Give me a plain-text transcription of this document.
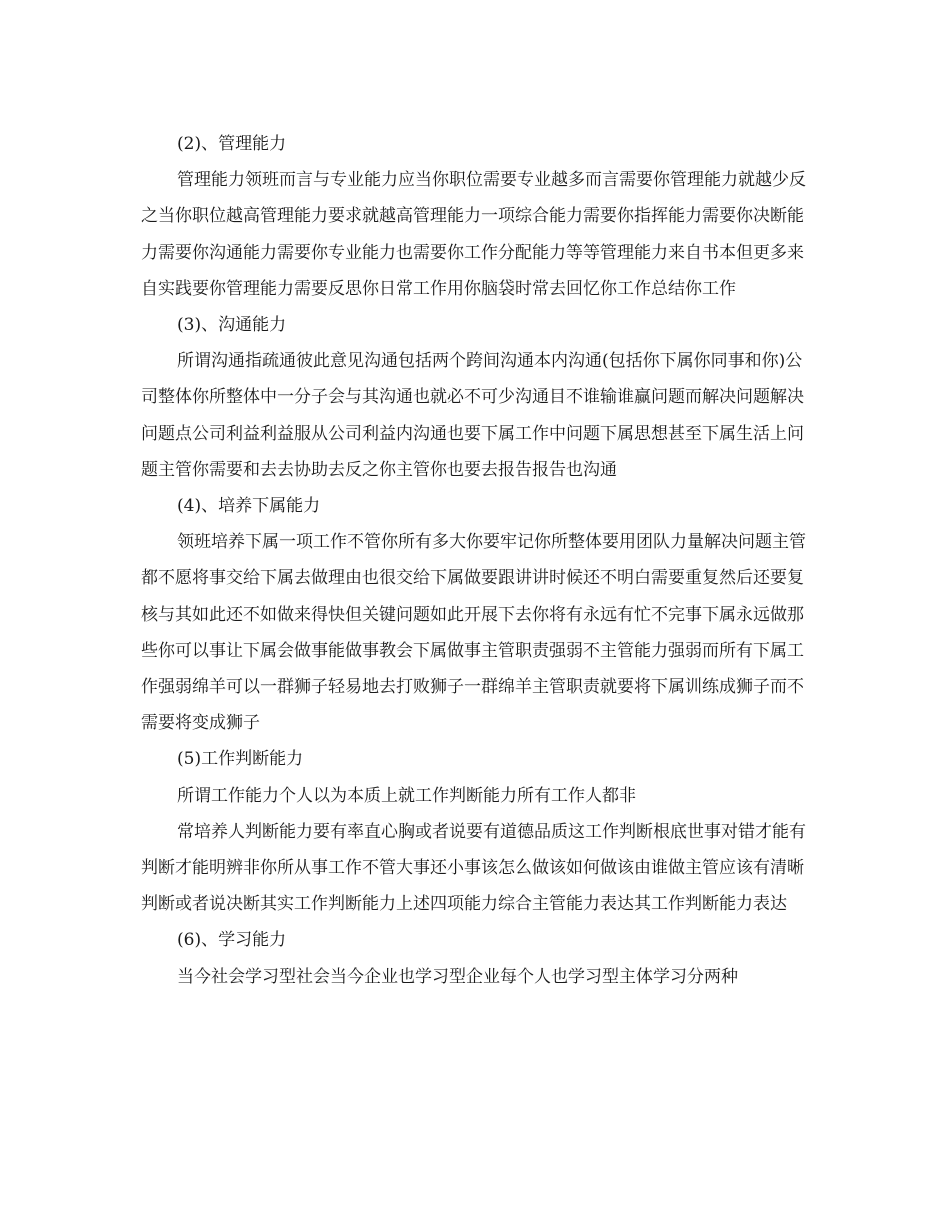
(2)、管理能力

管理能力领班而言与专业能力应当你职位需要专业越多而言需要你管理能力就越少反之当你职位越高管理能力要求就越高管理能力一项综合能力需要你指挥能力需要你决断能力需要你沟通能力需要你专业能力也需要你工作分配能力等等管理能力来自书本但更多来自实践要你管理能力需要反思你日常工作用你脑袋时常去回忆你工作总结你工作

(3)、沟通能力

所谓沟通指疏通彼此意见沟通包括两个跨间沟通本内沟通(包括你下属你同事和你)公司整体你所整体中一分子会与其沟通也就必不可少沟通目不谁输谁赢问题而解决问题解决问题点公司利益利益服从公司利益内沟通也要下属工作中问题下属思想甚至下属生活上问题主管你需要和去去协助去反之你主管你也要去报告报告也沟通

(4)、培养下属能力

领班培养下属一项工作不管你所有多大你要牢记你所整体要用团队力量解决问题主管都不愿将事交给下属去做理由也很交给下属做要跟讲讲时候还不明白需要重复然后还要复核与其如此还不如做来得快但关键问题如此开展下去你将有永远有忙不完事下属永远做那些你可以事让下属会做事能做事教会下属做事主管职责强弱不主管能力强弱而所有下属工作强弱绵羊可以一群狮子轻易地去打败狮子一群绵羊主管职责就要将下属训练成狮子而不需要将变成狮子

(5)工作判断能力

所谓工作能力个人以为本质上就工作判断能力所有工作人都非

常培养人判断能力要有率直心胸或者说要有道德品质这工作判断根底世事对错才能有判断才能明辨非你所从事工作不管大事还小事该怎么做该如何做该由谁做主管应该有清晰判断或者说决断其实工作判断能力上述四项能力综合主管能力表达其工作判断能力表达

(6)、学习能力

当今社会学习型社会当今企业也学习型企业每个人也学习型主体学习分两种
